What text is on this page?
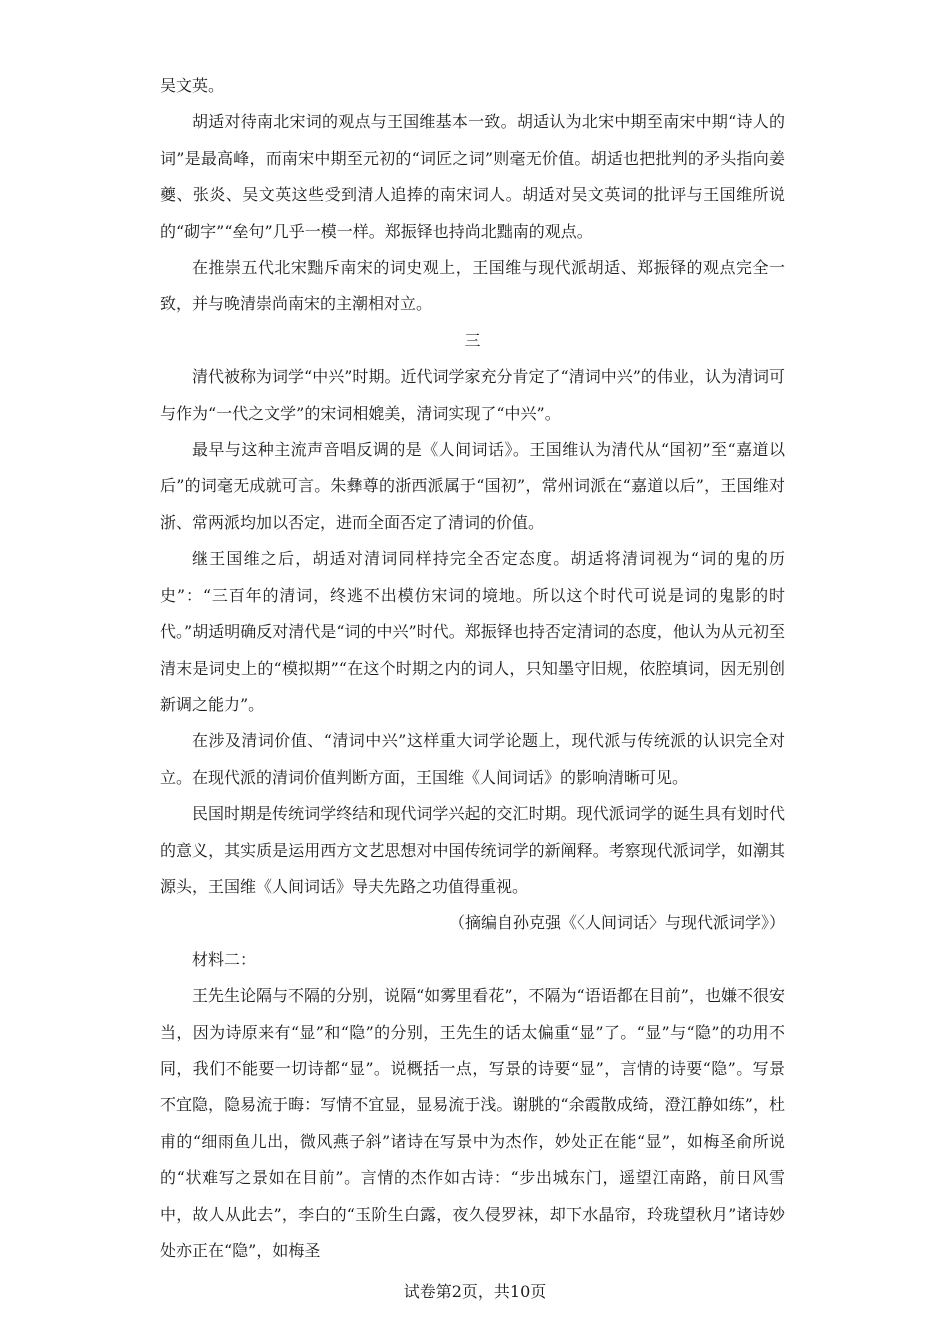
吴文英。

胡适对待南北宋词的观点与王国维基本一致。胡适认为北宋中期至南宋中期“诗人的词”是最高峰，而南宋中期至元初的“词匠之词”则毫无价值。胡适也把批判的矛头指向姜夔、张炎、吴文英这些受到清人追捧的南宋词人。胡适对吴文英词的批评与王国维所说的“砌字”“垒句”几乎一模一样。郑振铎也持尚北黜南的观点。

在推崇五代北宋黜斥南宋的词史观上，王国维与现代派胡适、郑振铎的观点完全一致，并与晚清崇尚南宋的主潮相对立。

三

清代被称为词学“中兴”时期。近代词学家充分肯定了“清词中兴”的伟业，认为清词可与作为“一代之文学”的宋词相媲美，清词实现了“中兴”。

最早与这种主流声音唱反调的是《人间词话》。王国维认为清代从“国初”至“嘉道以后”的词毫无成就可言。朱彝尊的浙西派属于“国初”，常州词派在“嘉道以后”，王国维对浙、常两派均加以否定，进而全面否定了清词的价值。

继王国维之后，胡适对清词同样持完全否定态度。胡适将清词视为“词的鬼的历史”：“三百年的清词，终逃不出模仿宋词的境地。所以这个时代可说是词的鬼影的时代。”胡适明确反对清代是“词的中兴”时代。郑振铎也持否定清词的态度，他认为从元初至清末是词史上的“模拟期”“在这个时期之内的词人，只知墨守旧规，依腔填词，因无别创新调之能力”。

在涉及清词价值、“清词中兴”这样重大词学论题上，现代派与传统派的认识完全对立。在现代派的清词价值判断方面，王国维《人间词话》的影响清晰可见。

民国时期是传统词学终结和现代词学兴起的交汇时期。现代派词学的诞生具有划时代的意义，其实质是运用西方文艺思想对中国传统词学的新阐释。考察现代派词学，如潮其源头，王国维《人间词话》导夫先路之功值得重视。

（摘编自孙克强《〈人间词话〉与现代派词学》）

材料二：

王先生论隔与不隔的分别，说隔“如雾里看花”，不隔为“语语都在目前”，也嫌不很安当，因为诗原来有“显”和“隐”的分别，王先生的话太偏重“显”了。“显”与“隐”的功用不同，我们不能要一切诗都“显”。说概括一点，写景的诗要“显”，言情的诗要“隐”。写景不宜隐，隐易流于晦：写情不宜显，显易流于浅。谢朓的“余霞散成绮，澄江静如练”，杜甫的“细雨鱼儿出，微风燕子斜”诸诗在写景中为杰作，妙处正在能“显”，如梅圣俞所说的“状难写之景如在目前”。言情的杰作如古诗：“步出城东门，遥望江南路，前日风雪中，故人从此去”，李白的“玉阶生白露，夜久侵罗袜，却下水晶帘，玲珑望秋月”诸诗妙处亦正在“隐”，如梅圣

试卷第2页，共10页
